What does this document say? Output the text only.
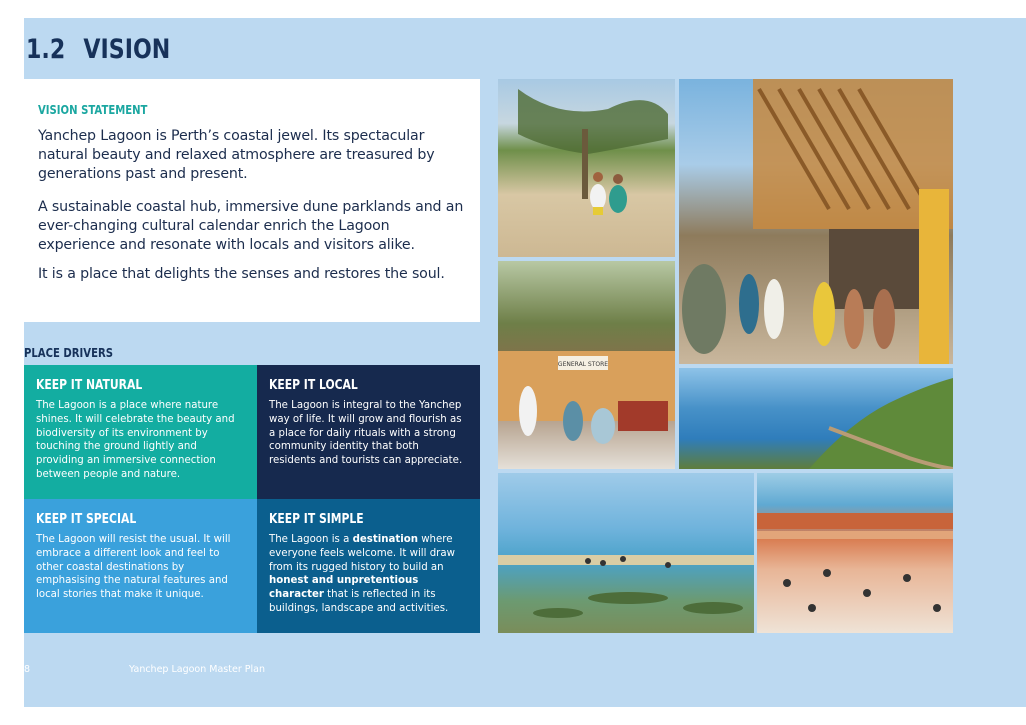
1.2 VISION
VISION STATEMENT

Yanchep Lagoon is Perth’s coastal jewel. Its spectacular natural beauty and relaxed atmosphere are treasured by generations past and present.

A sustainable coastal hub, immersive dune parklands and an ever-changing cultural calendar enrich the Lagoon experience and resonate with locals and visitors alike.

It is a place that delights the senses and restores the soul.

PLACE DRIVERS
KEEP IT NATURAL

The Lagoon is a place where nature shines. It will celebrate the beauty and biodiversity of its environment by touching the ground lightly and providing an immersive connection between people and nature.

KEEP IT LOCAL

The Lagoon is integral to the Yanchep way of life. It will grow and flourish as a place for daily rituals with a strong community identity that both residents and tourists can appreciate.

KEEP IT SPECIAL

The Lagoon will resist the usual. It will embrace a different look and feel to other coastal destinations by emphasising the natural features and local stories that make it unique.

KEEP IT SIMPLE

The Lagoon is a destination where everyone feels welcome. It will draw from its rugged history to build an honest and unpretentious character that is reflected in its buildings, landscape and activities.

GENERAL STORE
8	Yanchep Lagoon Master Plan
